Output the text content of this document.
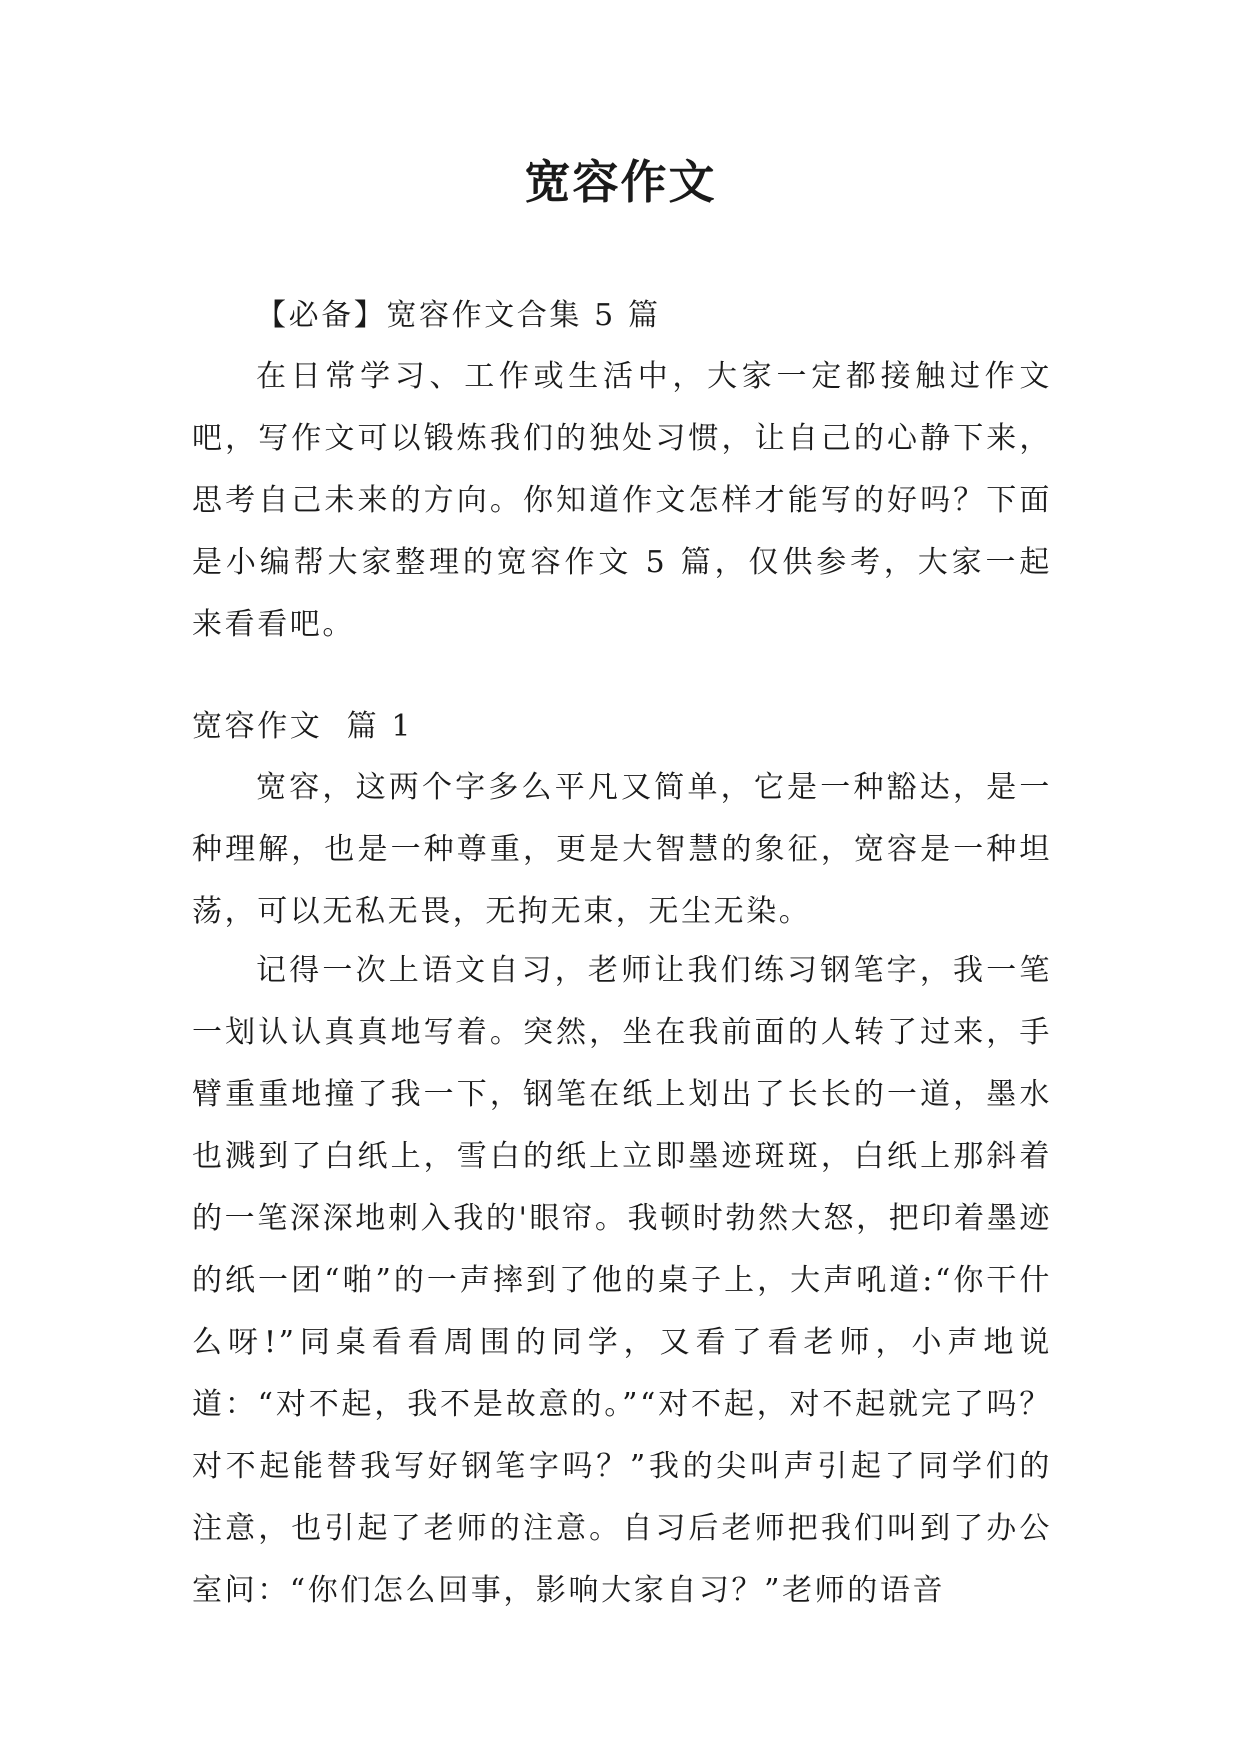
宽容作文

【必备】宽容作文合集 5 篇

在日常学习、工作或生活中，大家一定都接触过作文吧，写作文可以锻炼我们的独处习惯，让自己的心静下来，思考自己未来的方向。你知道作文怎样才能写的好吗？下面是小编帮大家整理的宽容作文 5 篇，仅供参考，大家一起来看看吧。

宽容作文  篇 1

宽容，这两个字多么平凡又简单，它是一种豁达，是一种理解，也是一种尊重，更是大智慧的象征，宽容是一种坦荡，可以无私无畏，无拘无束，无尘无染。

记得一次上语文自习，老师让我们练习钢笔字，我一笔一划认认真真地写着。突然，坐在我前面的人转了过来，手臂重重地撞了我一下，钢笔在纸上划出了长长的一道，墨水也溅到了白纸上，雪白的纸上立即墨迹斑斑，白纸上那斜着的一笔深深地刺入我的'眼帘。我顿时勃然大怒，把印着墨迹的纸一团“啪”的一声摔到了他的桌子上，大声吼道:“你干什么呀!”同桌看看周围的同学，又看了看老师，小声地说道：“对不起，我不是故意的。”“对不起，对不起就完了吗？对不起能替我写好钢笔字吗？”我的尖叫声引起了同学们的注意，也引起了老师的注意。自习后老师把我们叫到了办公室问：“你们怎么回事，影响大家自习？”老师的语音
